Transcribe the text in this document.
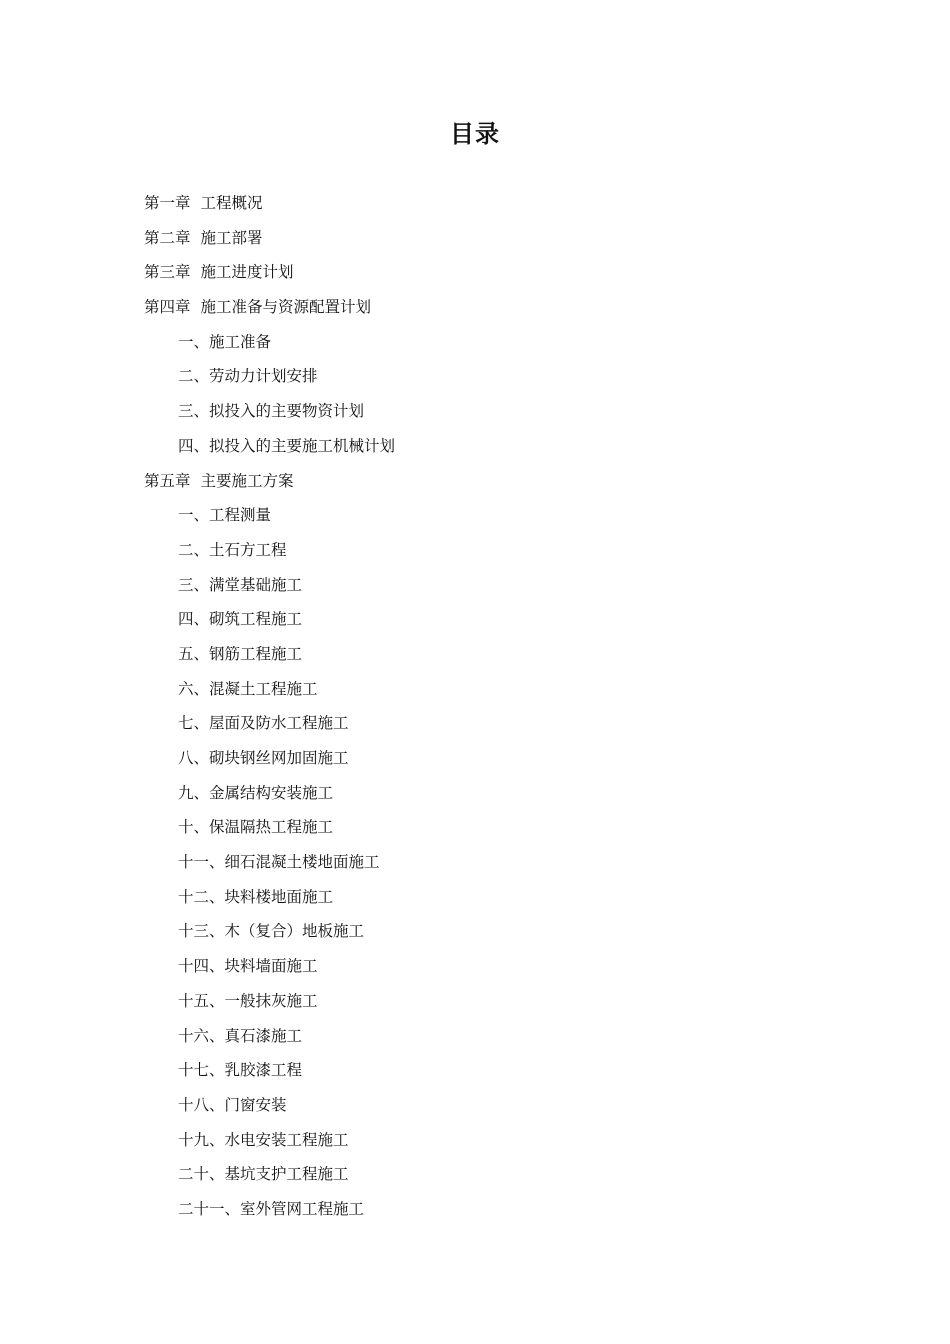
目录
第一章 工程概况
第二章 施工部署
第三章 施工进度计划
第四章 施工准备与资源配置计划
一、施工准备
二、劳动力计划安排
三、拟投入的主要物资计划
四、拟投入的主要施工机械计划
第五章 主要施工方案
一、工程测量
二、土石方工程
三、满堂基础施工
四、砌筑工程施工
五、钢筋工程施工
六、混凝土工程施工
七、屋面及防水工程施工
八、砌块钢丝网加固施工
九、金属结构安装施工
十、保温隔热工程施工
十一、细石混凝土楼地面施工
十二、块料楼地面施工
十三、木（复合）地板施工
十四、块料墙面施工
十五、一般抹灰施工
十六、真石漆施工
十七、乳胶漆工程
十八、门窗安装
十九、水电安装工程施工
二十、基坑支护工程施工
二十一、室外管网工程施工
